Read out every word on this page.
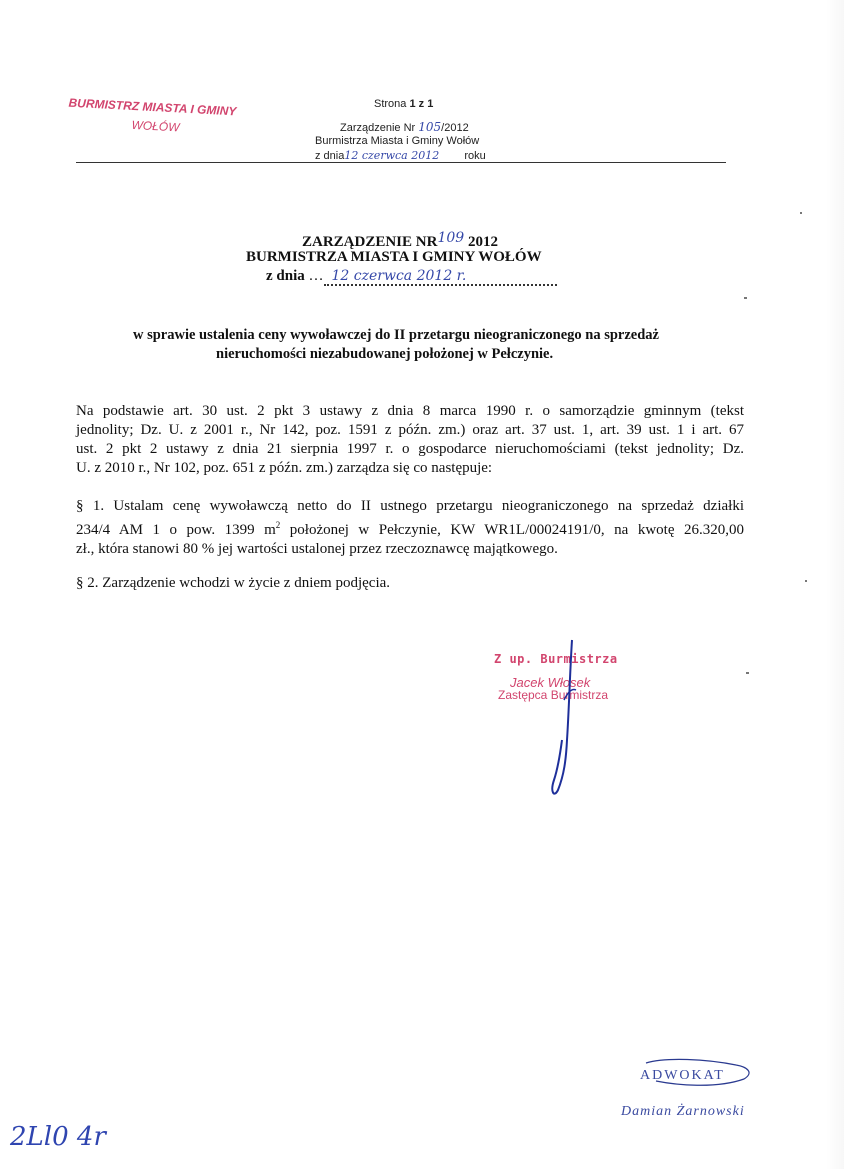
BURMISTRZ MIASTA I GMINY
WOŁÓW
Strona 1 z 1
Zarządzenie Nr 105/2012
Burmistrza Miasta i Gminy Wołów
z dnia12 czerwca 2012 roku
ZARZĄDZENIE NR109 2012
BURMISTRZA MIASTA I GMINY WOŁÓW
z dnia … 12 czerwca 2012 r.
w sprawie ustalenia ceny wywoławczej do II przetargu nieograniczonego na sprzedaż
nieruchomości niezabudowanej położonej w Pełczynie.
Na podstawie art. 30 ust. 2 pkt 3 ustawy z dnia 8 marca 1990 r. o samorządzie gminnym (tekst
jednolity; Dz. U. z 2001 r., Nr 142, poz. 1591 z późn. zm.) oraz art. 37 ust. 1, art. 39 ust. 1 i art. 67
ust. 2 pkt 2 ustawy z dnia 21 sierpnia 1997 r. o gospodarce nieruchomościami (tekst jednolity; Dz.
U. z 2010 r., Nr 102, poz. 651 z późn. zm.) zarządza się co następuje:
§ 1. Ustalam cenę wywoławczą netto do II ustnego przetargu nieograniczonego na sprzedaż działki
234/4 AM 1 o pow. 1399 $m^2$ położonej w Pełczynie, KW WR1L/00024191/0, na kwotę 26.320,00
zł., która stanowi 80 % jej wartości ustalonej przez rzeczoznawcę majątkowego.
§ 2. Zarządzenie wchodzi w życie z dniem podjęcia.
Z up. Burmistrza
Jacek Włosek
Zastępca Burmistrza
ADWOKAT
Damian Żarnowski
2Ll0 4r
